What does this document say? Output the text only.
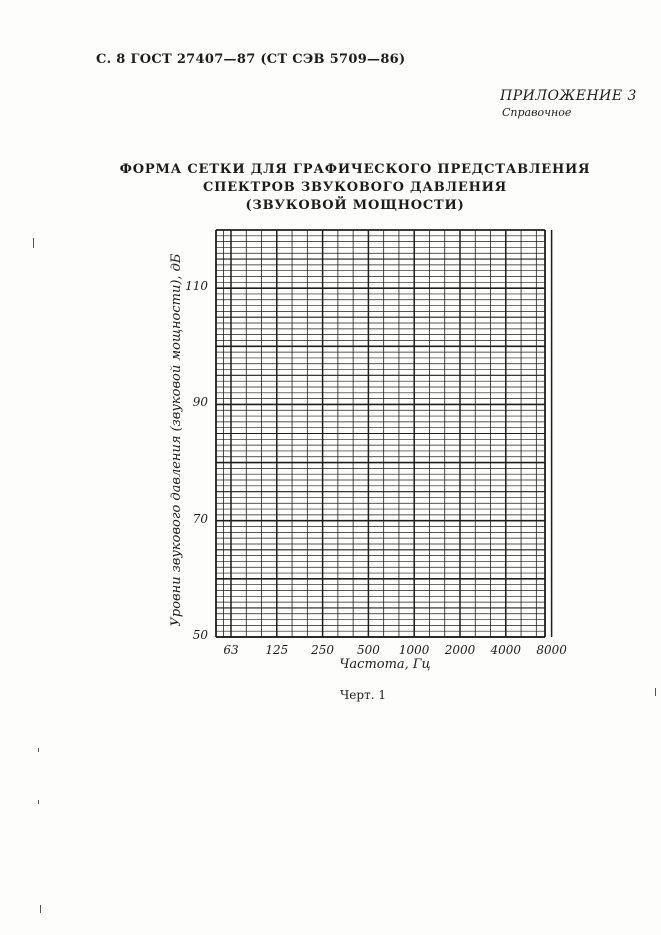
С. 8 ГОСТ 27407—87 (СТ СЭВ 5709—86)
ПРИЛОЖЕНИЕ 3
Справочное
ФОРМА СЕТКИ ДЛЯ ГРАФИЧЕСКОГО ПРЕДСТАВЛЕНИЯ
СПЕКТРОВ ЗВУКОВОГО ДАВЛЕНИЯ
(ЗВУКОВОЙ МОЩНОСТИ)
50
70
90
110
63	125	250	500	1000	2000	4000	8000
Частота, Гц
Уровни звукового давления (звуковой мощности), дБ
Черт. 1
